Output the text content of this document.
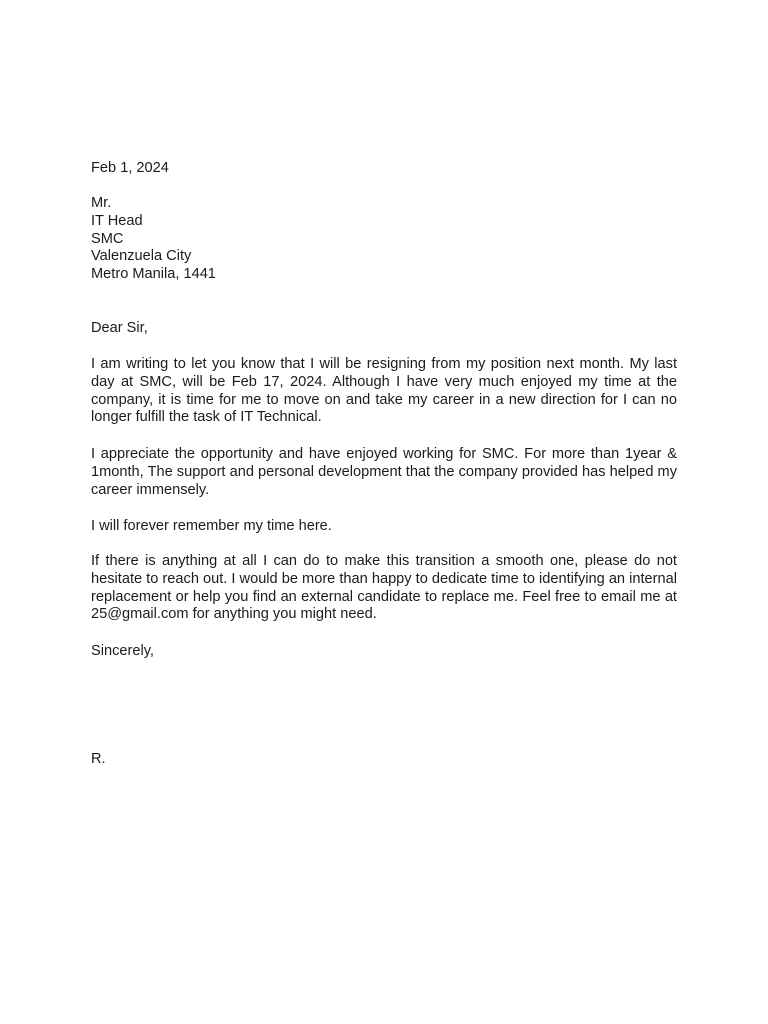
Feb 1, 2024
Mr.
IT Head
SMC
Valenzuela City
Metro Manila, 1441
Dear Sir,
I am writing to let you know that I will be resigning from my position next month. My last day at SMC, will be Feb 17, 2024. Although I have very much enjoyed my time at the company, it is time for me to move on and take my career in a new direction for I can no longer fulfill the task of IT Technical.
I appreciate the opportunity and have enjoyed working for SMC. For more than 1year & 1month, The support and personal development that the company provided has helped my career immensely.
I will forever remember my time here.
If there is anything at all I can do to make this transition a smooth one, please do not hesitate to reach out. I would be more than happy to dedicate time to identifying an internal replacement or help you find an external candidate to replace me. Feel free to email me at 25@gmail.com for anything you might need.
Sincerely,
R.
